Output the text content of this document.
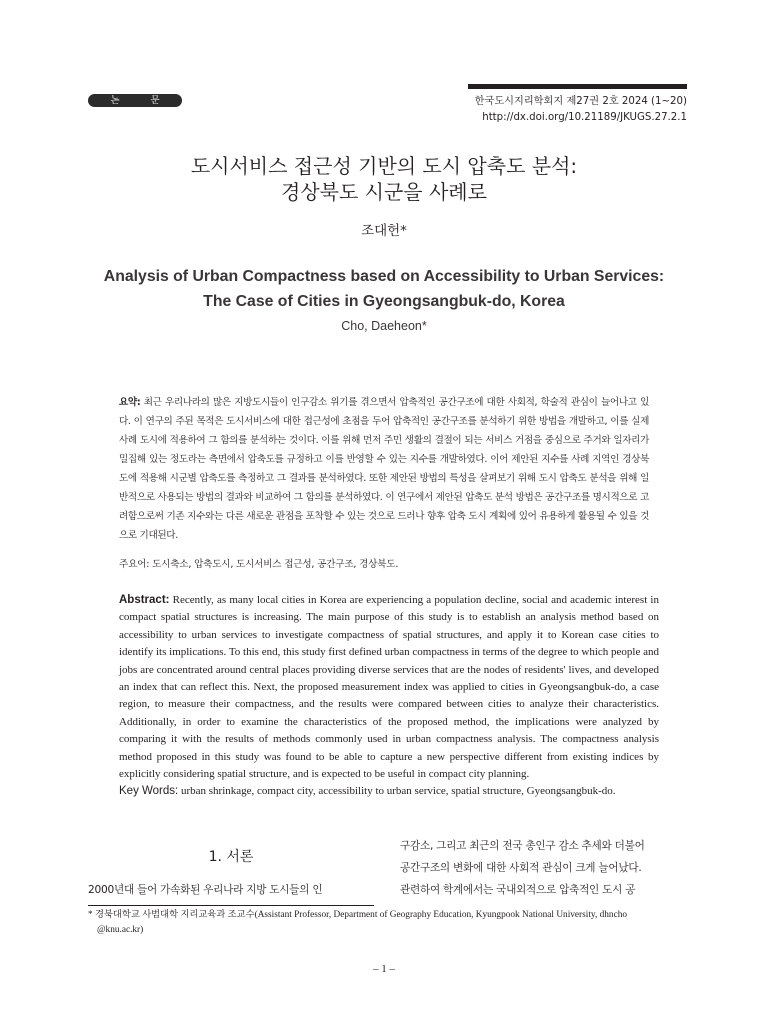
논 문	한국도시지리학회지 제27권 2호 2024 (1~20)
http://dx.doi.org/10.21189/JKUGS.27.2.1
도시서비스 접근성 기반의 도시 압축도 분석:
경상북도 시군을 사례로
조대헌*
Analysis of Urban Compactness based on Accessibility to Urban Services:
The Case of Cities in Gyeongsangbuk-do, Korea
Cho, Daeheon*
요약: 최근 우리나라의 많은 지방도시들이 인구감소 위기를 겪으면서 압축적인 공간구조에 대한 사회적, 학술적 관심이 늘어나고 있다. 이 연구의 주된 목적은 도시서비스에 대한 접근성에 초점을 두어 압축적인 공간구조를 분석하기 위한 방법을 개발하고, 이를 실제 사례 도시에 적용하여 그 함의를 분석하는 것이다. 이를 위해 먼저 주민 생활의 결절이 되는 서비스 거점을 중심으로 주거와 일자리가 밀집해 있는 정도라는 측면에서 압축도를 규정하고 이를 반영할 수 있는 지수를 개발하였다. 이어 제안된 지수를 사례 지역인 경상북도에 적용해 시군별 압축도를 측정하고 그 결과를 분석하였다. 또한 제안된 방법의 특성을 살펴보기 위해 도시 압축도 분석을 위해 일반적으로 사용되는 방법의 결과와 비교하여 그 함의를 분석하였다. 이 연구에서 제안된 압축도 분석 방법은 공간구조를 명시적으로 고려함으로써 기존 지수와는 다른 새로운 관점을 포착할 수 있는 것으로 드러나 향후 압축 도시 계획에 있어 유용하게 활용될 수 있을 것으로 기대된다.
주요어: 도시축소, 압축도시, 도시서비스 접근성, 공간구조, 경상북도.
Abstract: Recently, as many local cities in Korea are experiencing a population decline, social and academic interest in compact spatial structures is increasing. The main purpose of this study is to establish an analysis method based on accessibility to urban services to investigate compactness of spatial structures, and apply it to Korean case cities to identify its implications. To this end, this study first defined urban compactness in terms of the degree to which people and jobs are concentrated around central places providing diverse services that are the nodes of residents' lives, and developed an index that can reflect this. Next, the proposed measurement index was applied to cities in Gyeongsangbuk-do, a case region, to measure their compactness, and the results were compared between cities to analyze their characteristics. Additionally, in order to examine the characteristics of the proposed method, the implications were analyzed by comparing it with the results of methods commonly used in urban compactness analysis. The compactness analysis method proposed in this study was found to be able to capture a new perspective different from existing indices by explicitly considering spatial structure, and is expected to be useful in compact city planning.
Key Words: urban shrinkage, compact city, accessibility to urban service, spatial structure, Gyeongsangbuk-do.
1. 서론
2000년대 들어 가속화된 우리나라 지방 도시들의 인
구감소, 그리고 최근의 전국 총인구 감소 추세와 더불어
공간구조의 변화에 대한 사회적 관심이 크게 늘어났다.
관련하여 학계에서는 국내외적으로 압축적인 도시 공
* 경북대학교 사범대학 지리교육과 조교수(Assistant Professor, Department of Geography Education, Kyungpook National University, dhncho
@knu.ac.kr)
– 1 –
